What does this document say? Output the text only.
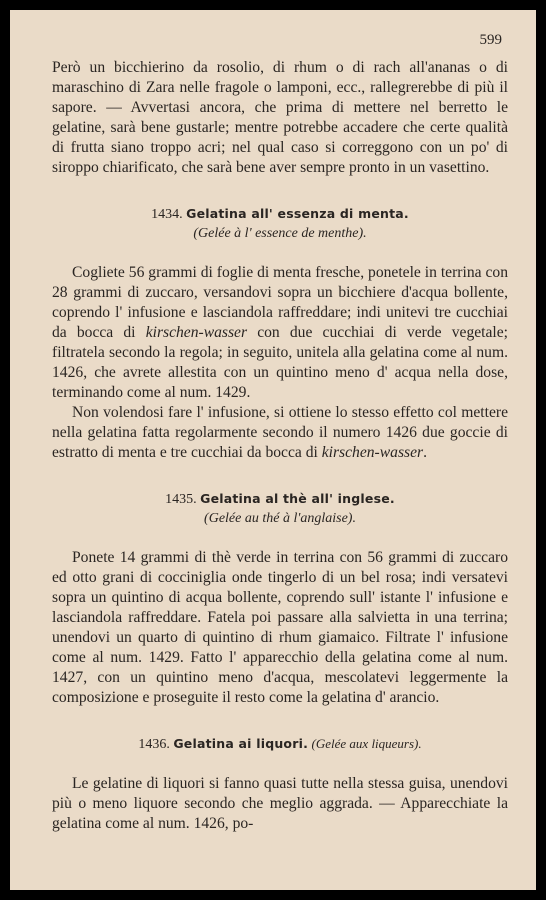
599

Però un bicchierino da rosolio, di rhum o di rach all'ananas o di maraschino di Zara nelle fragole o lamponi, ecc., rallegrerebbe di più il sapore. — Avvertasi ancora, che prima di mettere nel berretto le gelatine, sarà bene gustarle; mentre potrebbe accadere che certe qualità di frutta siano troppo acri; nel qual caso si correggono con un po' di siroppo chiarificato, che sarà bene aver sempre pronto in un vasettino.

1434. Gelatina all' essenza di menta.
(Gelée à l' essence de menthe).

Cogliete 56 grammi di foglie di menta fresche, ponetele in terrina con 28 grammi di zuccaro, versandovi sopra un bicchiere d'acqua bollente, coprendo l' infusione e lasciandola raffreddare; indi unitevi tre cucchiai da bocca di kirschen-wasser con due cucchiai di verde vegetale; filtratela secondo la regola; in seguito, unitela alla gelatina come al num. 1426, che avrete allestita con un quintino meno d' acqua nella dose, terminando come al num. 1429.

Non volendosi fare l' infusione, si ottiene lo stesso effetto col mettere nella gelatina fatta regolarmente secondo il numero 1426 due goccie di estratto di menta e tre cucchiai da bocca di kirschen-wasser.

1435. Gelatina al thè all' inglese.
(Gelée au thé à l'anglaise).

Ponete 14 grammi di thè verde in terrina con 56 grammi di zuccaro ed otto grani di cocciniglia onde tingerlo di un bel rosa; indi versatevi sopra un quintino di acqua bollente, coprendo sull' istante l' infusione e lasciandola raffreddare. Fatela poi passare alla salvietta in una terrina; unendovi un quarto di quintino di rhum giamaico. Filtrate l' infusione come al num. 1429. Fatto l' apparecchio della gelatina come al num. 1427, con un quintino meno d'acqua, mescolatevi leggermente la composizione e proseguite il resto come la gelatina d' arancio.

1436. Gelatina ai liquori. (Gelée aux liqueurs).

Le gelatine di liquori si fanno quasi tutte nella stessa guisa, unendovi più o meno liquore secondo che meglio aggrada. — Apparecchiate la gelatina come al num. 1426, po-
